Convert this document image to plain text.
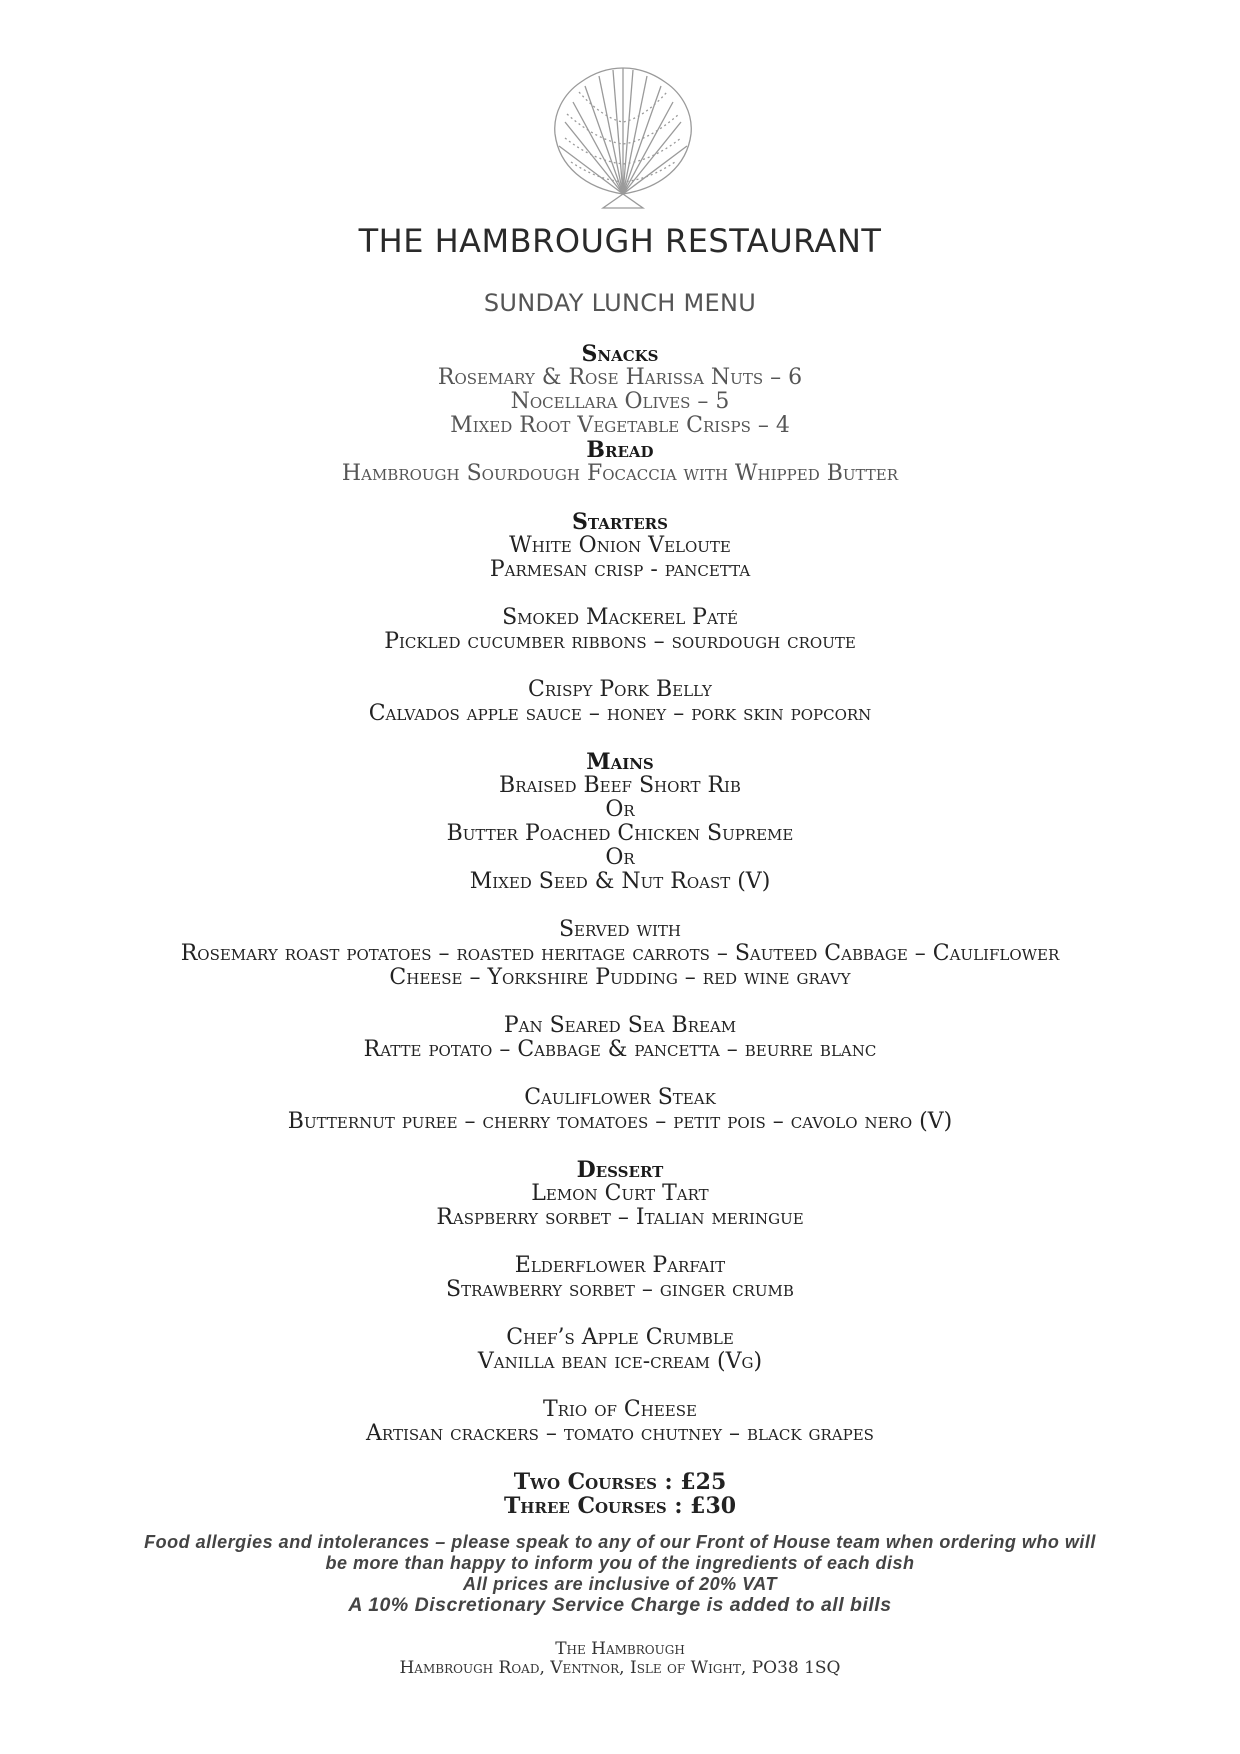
THE HAMBROUGH RESTAURANT
SUNDAY LUNCH MENU
Snacks
Rosemary & Rose Harissa Nuts – 6
Nocellara Olives – 5
Mixed Root Vegetable Crisps – 4
Bread
Hambrough Sourdough Focaccia with Whipped Butter
Starters
White Onion Veloute
Parmesan crisp - pancetta
Smoked Mackerel Paté
Pickled cucumber ribbons – sourdough croute
Crispy Pork Belly
Calvados apple sauce – honey – pork skin popcorn
Mains
Braised Beef Short Rib
Or
Butter Poached Chicken Supreme
Or
Mixed Seed & Nut Roast (V)
Served with
Rosemary roast potatoes – roasted heritage carrots – Sauteed Cabbage – Cauliflower
Cheese – Yorkshire Pudding – red wine gravy
Pan Seared Sea Bream
Ratte potato – Cabbage & pancetta – beurre blanc
Cauliflower Steak
Butternut puree – cherry tomatoes – petit pois – cavolo nero (V)
Dessert
Lemon Curt Tart
Raspberry sorbet – Italian meringue
Elderflower Parfait
Strawberry sorbet – ginger crumb
Chef’s Apple Crumble
Vanilla bean ice-cream (Vg)
Trio of Cheese
Artisan crackers – tomato chutney – black grapes
Two Courses : £25
Three Courses : £30
Food allergies and intolerances – please speak to any of our Front of House team when ordering who will
be more than happy to inform you of the ingredients of each dish
All prices are inclusive of 20% VAT
A 10% Discretionary Service Charge is added to all bills
The Hambrough
Hambrough Road, Ventnor, Isle of Wight, PO38 1SQ
